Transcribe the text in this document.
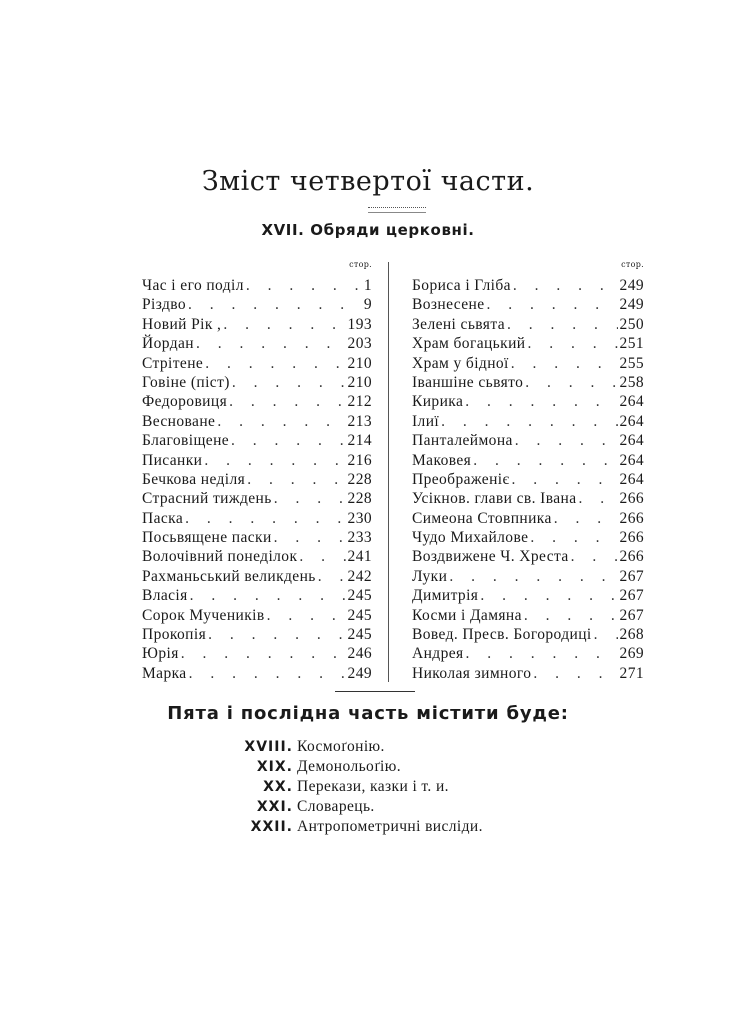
Зміст четвертої части.
XVII. Обряди церковні.
стор.
Час і его поділ . . .	1
Різдво . . .	9
Новий Рік , . . .	193
Йордан . . .	203
Стрітене . . .	210
Говіне (піст) . . .	210
Федоровиця . . .	212
Весноване . . .	213
Благовіщене . . .	214
Писанки . . .	216
Бечкова неділя . . .	228
Страсний тиждень . . .	228
Паска . . .	230
Посьвящене паски . . .	233
Волочівний понеділок . . .	241
Рахманьський великдень . . . 242
Власія . . .	245
Сорок Мучеників . . .	245
Прокопія . . .	245
Юрія . . .	246
Марка . . .	249
стор.
Бориса і Гліба . . .	249
Вознесене . . .	249
Зелені сьвята . . .	250
Храм богацький . . .	251
Храм у бідної . . .	255
Іваншіне сьвято . . .	258
Кирика . . .	264
Ілиї . . .	264
Панталеймона . . .	264
Маковея . . .	264
Преображеніє . . .	264
Усікнов. глави св. Івана . . .	266
Симеона Стовпника . . .	266
Чудо Михайлове . . .	266
Воздвижене Ч. Хреста . . .	266
Луки . . .	267
Димитрія . . .	267
Косми і Дамяна . . .	267
Вовед. Пресв. Богородиці . . . 268
Андрея . . .	269
Николая зимного . . .	271
Пята і послідна часть містити буде:
XVIII. Космоґонію.
XIX. Демонольоґію.
XX. Перекази, казки і т. и.
XXI. Словарець.
XXII. Антропометричні висліди.
